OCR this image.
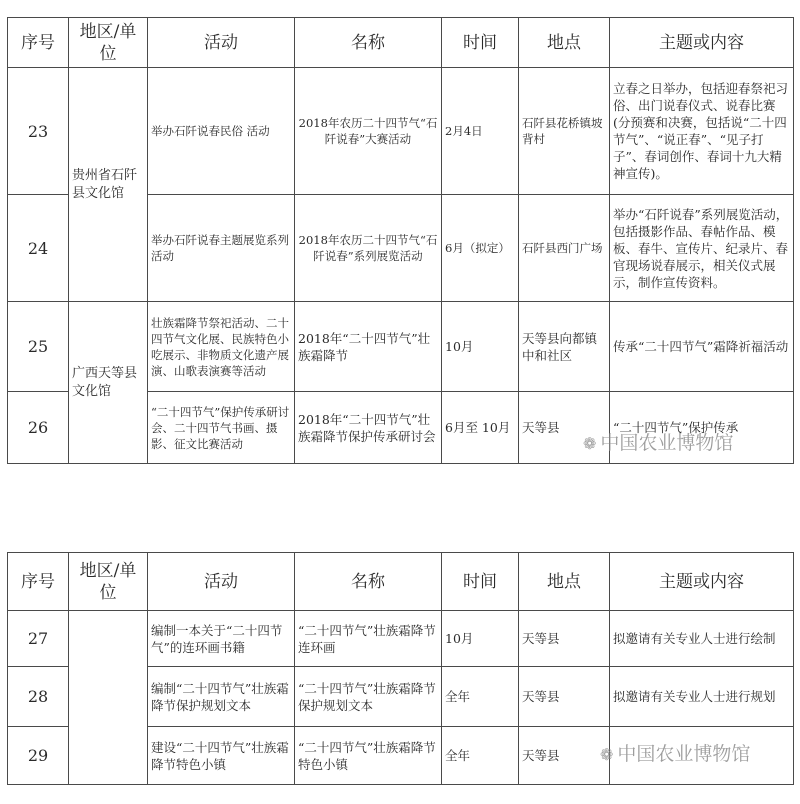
序号	地区/单位	活动	名称	时间	地点	主题或内容
23	贵州省石阡县文化馆	举办石阡说春民俗 活动	2018年农历二十四节气“石阡说春”大赛活动	2月4日	石阡县花桥镇坡背村	立春之日举办，包括迎春祭祀习俗、出门说春仪式、说春比赛(分预赛和决赛，包括说“二十四节气”、“说正春”、“见子打子”、春词创作、春词十九大精神宣传)。
24		举办石阡说春主题展览系列活动	2018年农历二十四节气“石阡说春”系列展览活动	6月（拟定）	石阡县西门广场	举办“石阡说春”系列展览活动，包括摄影作品、春帖作品、模板、春牛、宣传片、纪录片、春官现场说春展示，相关仪式展示，制作宣传资料。
25	广西天等县文化馆	壮族霜降节祭祀活动、二十四节气文化展、民族特色小吃展示、非物质文化遗产展演、山歌表演赛等活动	2018年“二十四节气”壮族霜降节	10月	天等县向都镇中和社区	传承“二十四节气”霜降祈福活动
26		“二十四节气”保护传承研讨会、二十四节气书画、摄影、征文比赛活动	2018年“二十四节气”壮族霜降节保护传承研讨会	6月至 10月	天等县	“二十四节气”保护传承
序号	地区/单位	活动	名称	时间	地点	主题或内容
27		编制一本关于“二十四节气”的连环画书籍	“二十四节气”壮族霜降节连环画	10月	天等县	拟邀请有关专业人士进行绘制
28		编制“二十四节气”壮族霜降节保护规划文本	“二十四节气”壮族霜降节保护规划文本	全年	天等县	拟邀请有关专业人士进行规划
29		建设“二十四节气”壮族霜降节特色小镇	“二十四节气”壮族霜降节特色小镇	全年	天等县	
❁ 中国农业博物馆
❁ 中国农业博物馆
